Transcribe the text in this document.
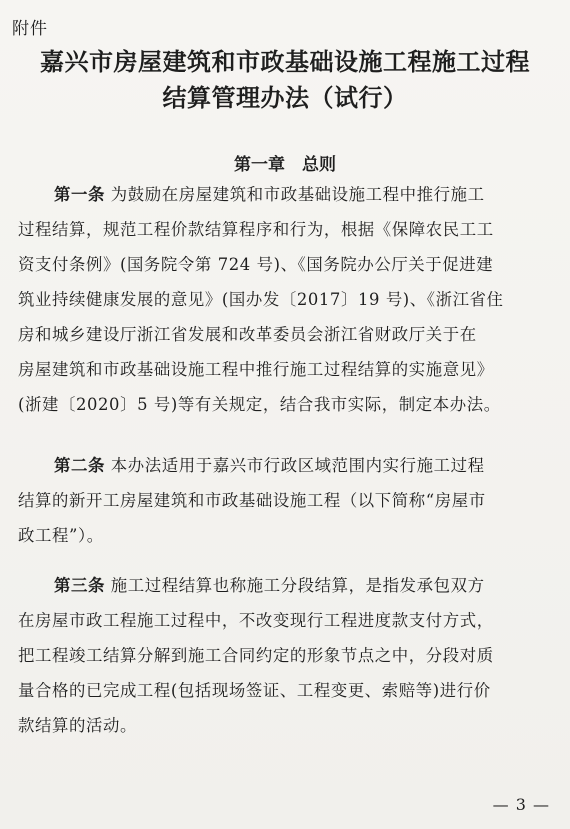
附件
嘉兴市房屋建筑和市政基础设施工程施工过程
结算管理办法（试行）
第一章　总则
第一条 为鼓励在房屋建筑和市政基础设施工程中推行施工
过程结算，规范工程价款结算程序和行为，根据《保障农民工工
资支付条例》(国务院令第 724 号)、《国务院办公厅关于促进建
筑业持续健康发展的意见》(国办发〔2017〕19 号)、《浙江省住
房和城乡建设厅浙江省发展和改革委员会浙江省财政厅关于在
房屋建筑和市政基础设施工程中推行施工过程结算的实施意见》
(浙建〔2020〕5 号)等有关规定，结合我市实际，制定本办法。
第二条 本办法适用于嘉兴市行政区域范围内实行施工过程
结算的新开工房屋建筑和市政基础设施工程（以下简称“房屋市
政工程”）。
第三条 施工过程结算也称施工分段结算，是指发承包双方
在房屋市政工程施工过程中，不改变现行工程进度款支付方式，
把工程竣工结算分解到施工合同约定的形象节点之中，分段对质
量合格的已完成工程(包括现场签证、工程变更、索赔等)进行价
款结算的活动。
— 3 —
